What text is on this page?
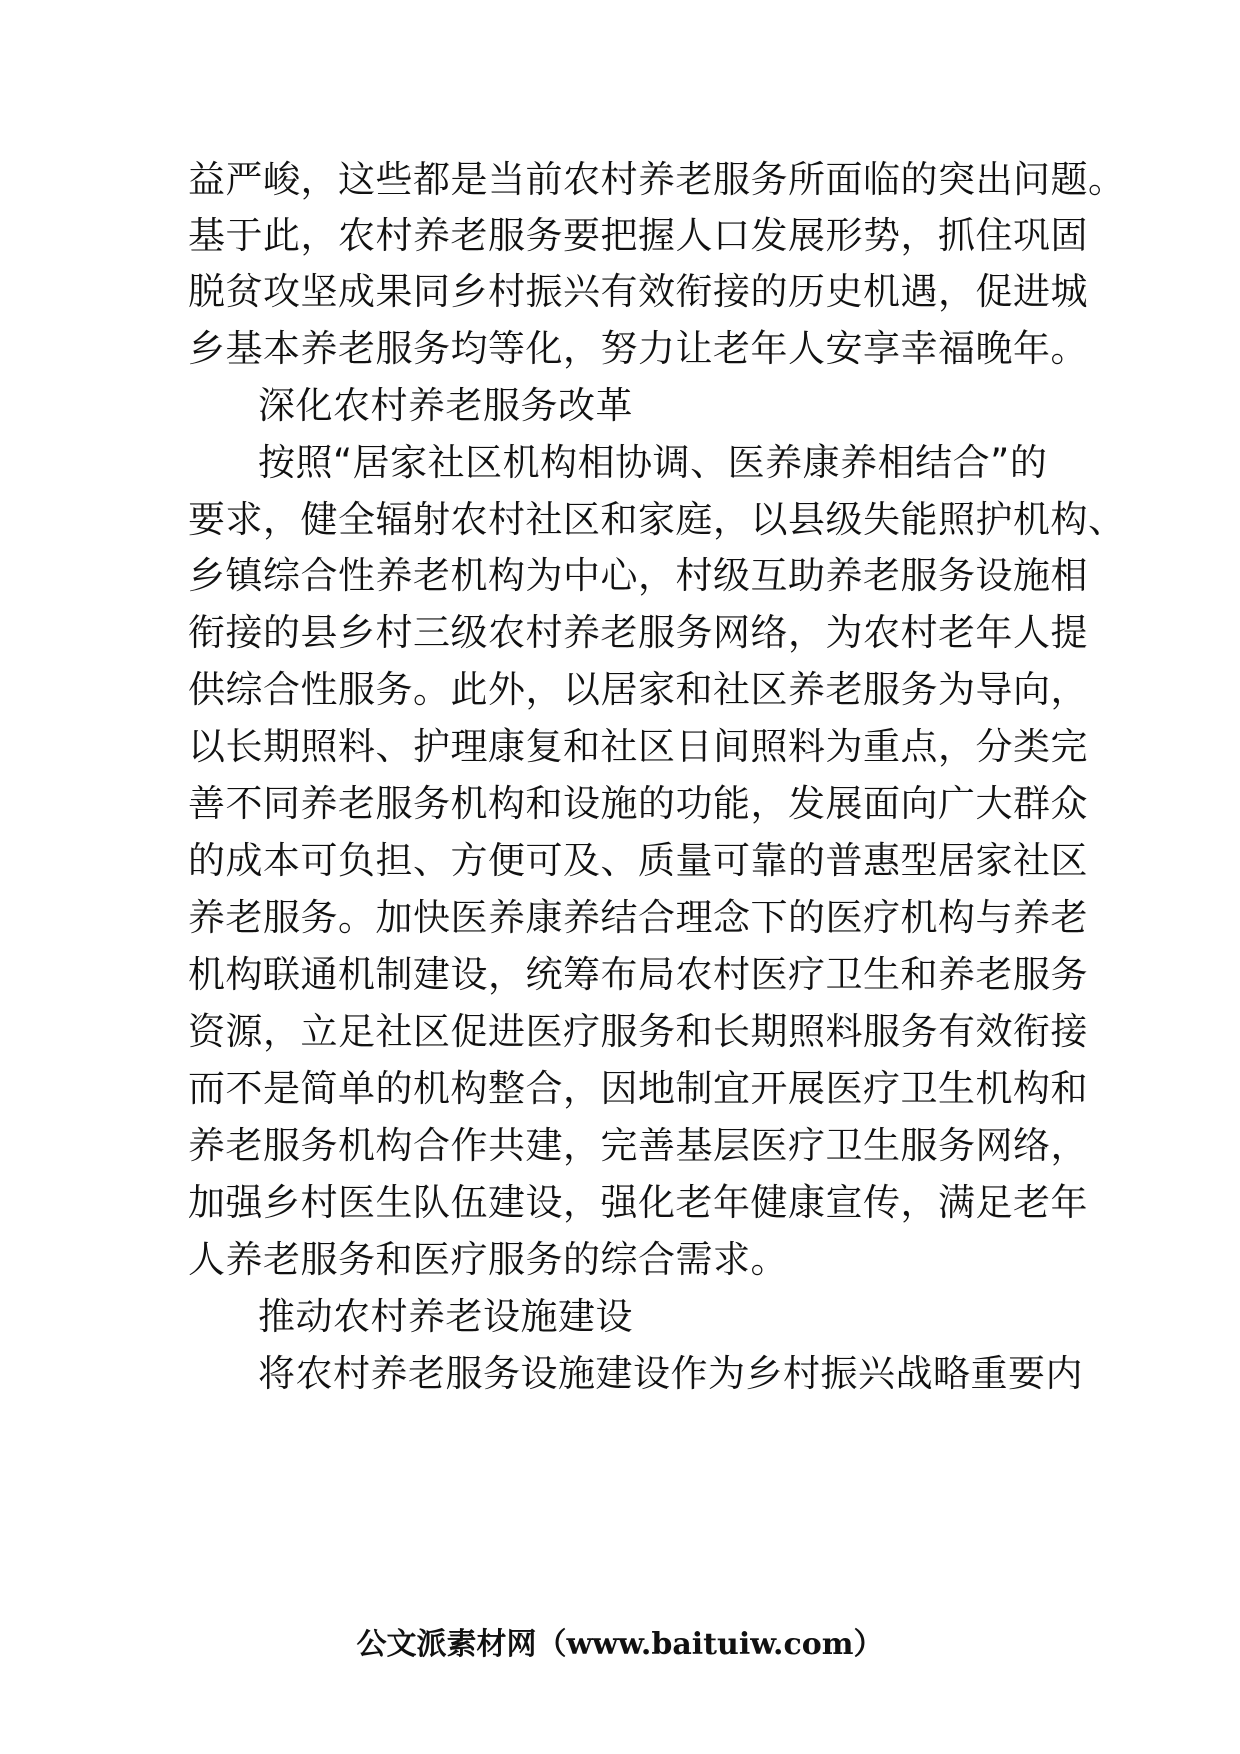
益严峻，这些都是当前农村养老服务所面临的突出问题。
基于此，农村养老服务要把握人口发展形势，抓住巩固
脱贫攻坚成果同乡村振兴有效衔接的历史机遇，促进城
乡基本养老服务均等化，努力让老年人安享幸福晚年。
深化农村养老服务改革
按照“居家社区机构相协调、医养康养相结合”的
要求，健全辐射农村社区和家庭，以县级失能照护机构、
乡镇综合性养老机构为中心，村级互助养老服务设施相
衔接的县乡村三级农村养老服务网络，为农村老年人提
供综合性服务。此外，以居家和社区养老服务为导向，
以长期照料、护理康复和社区日间照料为重点，分类完
善不同养老服务机构和设施的功能，发展面向广大群众
的成本可负担、方便可及、质量可靠的普惠型居家社区
养老服务。加快医养康养结合理念下的医疗机构与养老
机构联通机制建设，统筹布局农村医疗卫生和养老服务
资源，立足社区促进医疗服务和长期照料服务有效衔接
而不是简单的机构整合，因地制宜开展医疗卫生机构和
养老服务机构合作共建，完善基层医疗卫生服务网络，
加强乡村医生队伍建设，强化老年健康宣传，满足老年
人养老服务和医疗服务的综合需求。
推动农村养老设施建设
将农村养老服务设施建设作为乡村振兴战略重要内
公文派素材网（www.baituiw.com）
